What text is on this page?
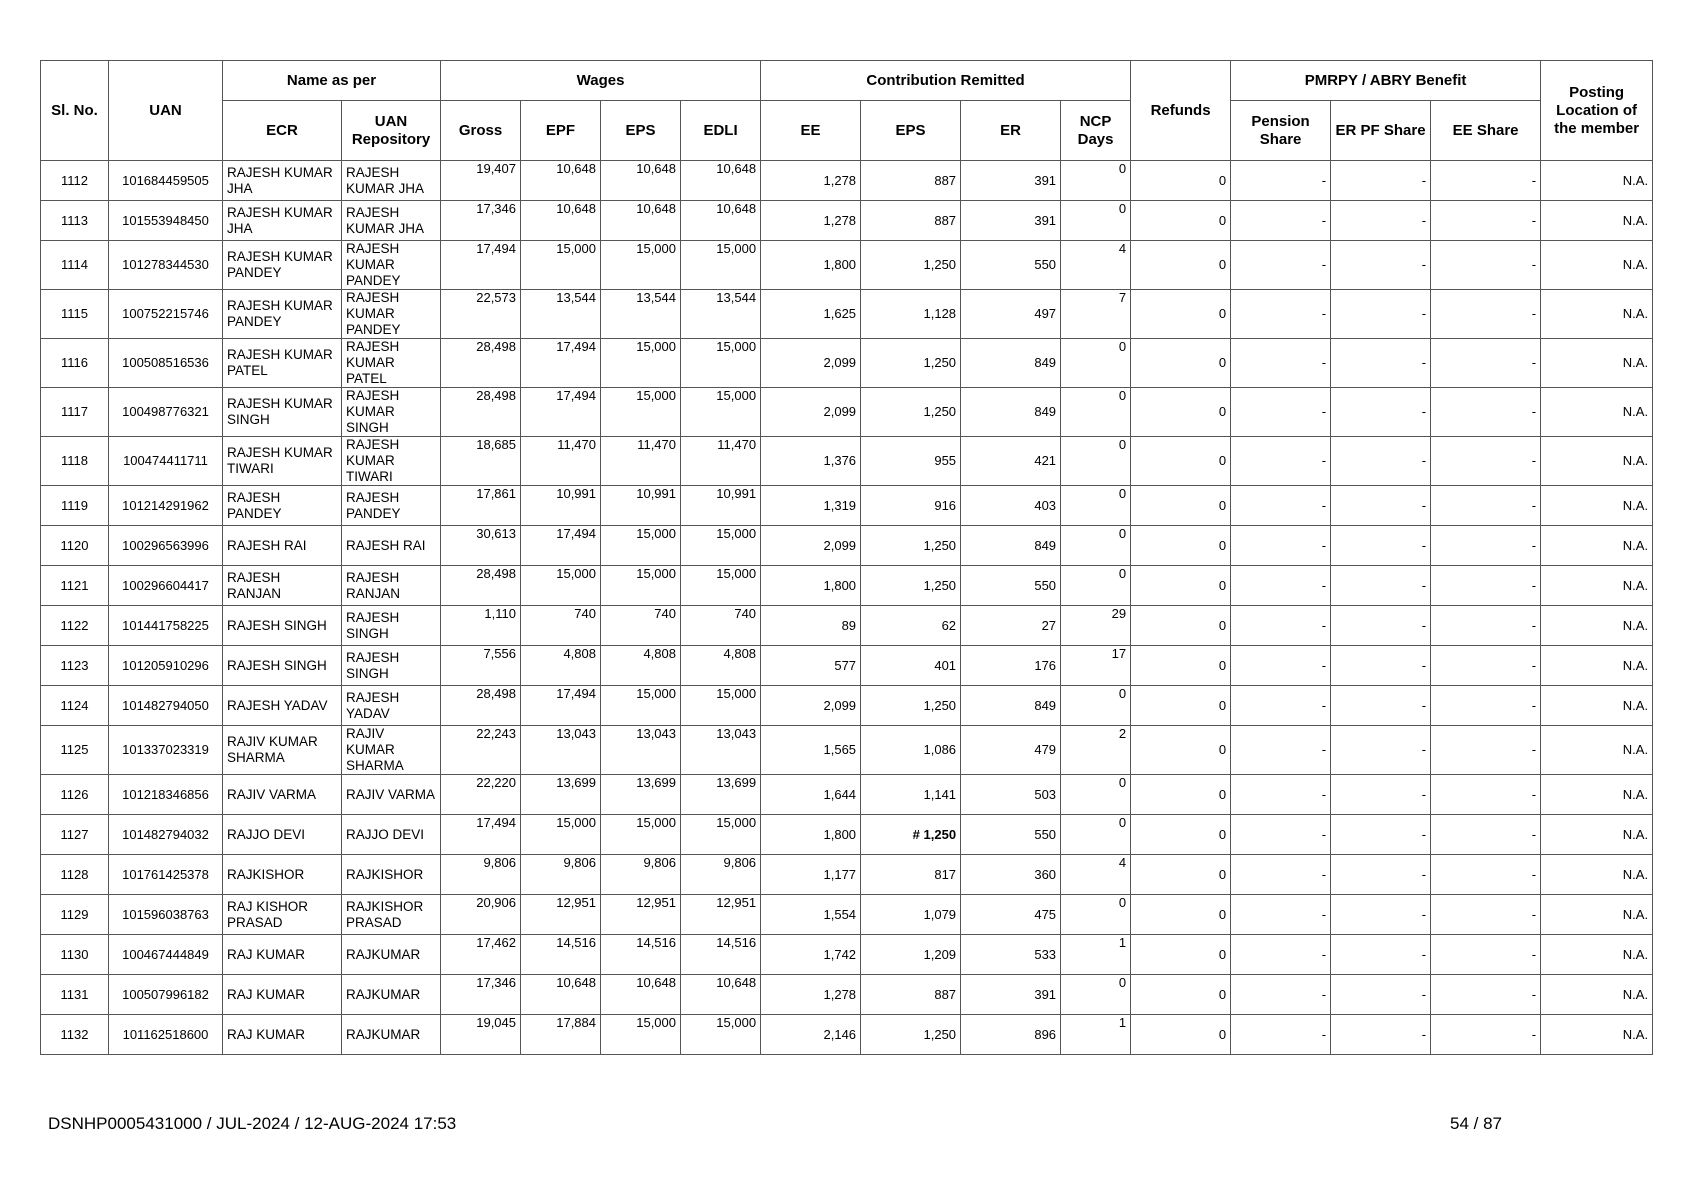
Sl. No.	UAN	Name as per		Wages				Contribution Remitted				Refunds	PMRPY / ABRY Benefit			Posting Location of the member
		ECR	UAN Repository	Gross	EPF	EPS	EDLI	EE	EPS	ER	NCP Days		Pension Share	ER PF Share	EE Share	
1112	101684459505	RAJESH KUMAR JHA	RAJESH KUMAR JHA	19,407	10,648	10,648	10,648	1,278	887	391	0	0	-	-	-	N.A.
1113	101553948450	RAJESH KUMAR JHA	RAJESH KUMAR JHA	17,346	10,648	10,648	10,648	1,278	887	391	0	0	-	-	-	N.A.
1114	101278344530	RAJESH KUMAR PANDEY	RAJESH KUMAR PANDEY	17,494	15,000	15,000	15,000	1,800	1,250	550	4	0	-	-	-	N.A.
1115	100752215746	RAJESH KUMAR PANDEY	RAJESH KUMAR PANDEY	22,573	13,544	13,544	13,544	1,625	1,128	497	7	0	-	-	-	N.A.
1116	100508516536	RAJESH KUMAR PATEL	RAJESH KUMAR PATEL	28,498	17,494	15,000	15,000	2,099	1,250	849	0	0	-	-	-	N.A.
1117	100498776321	RAJESH KUMAR SINGH	RAJESH KUMAR SINGH	28,498	17,494	15,000	15,000	2,099	1,250	849	0	0	-	-	-	N.A.
1118	100474411711	RAJESH KUMAR TIWARI	RAJESH KUMAR TIWARI	18,685	11,470	11,470	11,470	1,376	955	421	0	0	-	-	-	N.A.
1119	101214291962	RAJESH PANDEY	RAJESH PANDEY	17,861	10,991	10,991	10,991	1,319	916	403	0	0	-	-	-	N.A.
1120	100296563996	RAJESH RAI	RAJESH RAI	30,613	17,494	15,000	15,000	2,099	1,250	849	0	0	-	-	-	N.A.
1121	100296604417	RAJESH RANJAN	RAJESH RANJAN	28,498	15,000	15,000	15,000	1,800	1,250	550	0	0	-	-	-	N.A.
1122	101441758225	RAJESH SINGH	RAJESH SINGH	1,110	740	740	740	89	62	27	29	0	-	-	-	N.A.
1123	101205910296	RAJESH SINGH	RAJESH SINGH	7,556	4,808	4,808	4,808	577	401	176	17	0	-	-	-	N.A.
1124	101482794050	RAJESH YADAV	RAJESH YADAV	28,498	17,494	15,000	15,000	2,099	1,250	849	0	0	-	-	-	N.A.
1125	101337023319	RAJIV KUMAR SHARMA	RAJIV KUMAR SHARMA	22,243	13,043	13,043	13,043	1,565	1,086	479	2	0	-	-	-	N.A.
1126	101218346856	RAJIV VARMA	RAJIV VARMA	22,220	13,699	13,699	13,699	1,644	1,141	503	0	0	-	-	-	N.A.
1127	101482794032	RAJJO DEVI	RAJJO DEVI	17,494	15,000	15,000	15,000	1,800	# 1,250	550	0	0	-	-	-	N.A.
1128	101761425378	RAJKISHOR	RAJKISHOR	9,806	9,806	9,806	9,806	1,177	817	360	4	0	-	-	-	N.A.
1129	101596038763	RAJ KISHOR PRASAD	RAJKISHOR PRASAD	20,906	12,951	12,951	12,951	1,554	1,079	475	0	0	-	-	-	N.A.
1130	100467444849	RAJ KUMAR	RAJKUMAR	17,462	14,516	14,516	14,516	1,742	1,209	533	1	0	-	-	-	N.A.
1131	100507996182	RAJ KUMAR	RAJKUMAR	17,346	10,648	10,648	10,648	1,278	887	391	0	0	-	-	-	N.A.
1132	101162518600	RAJ KUMAR	RAJKUMAR	19,045	17,884	15,000	15,000	2,146	1,250	896	1	0	-	-	-	N.A.
DSNHP0005431000 / JUL-2024 / 12-AUG-2024 17:53	54 / 87
